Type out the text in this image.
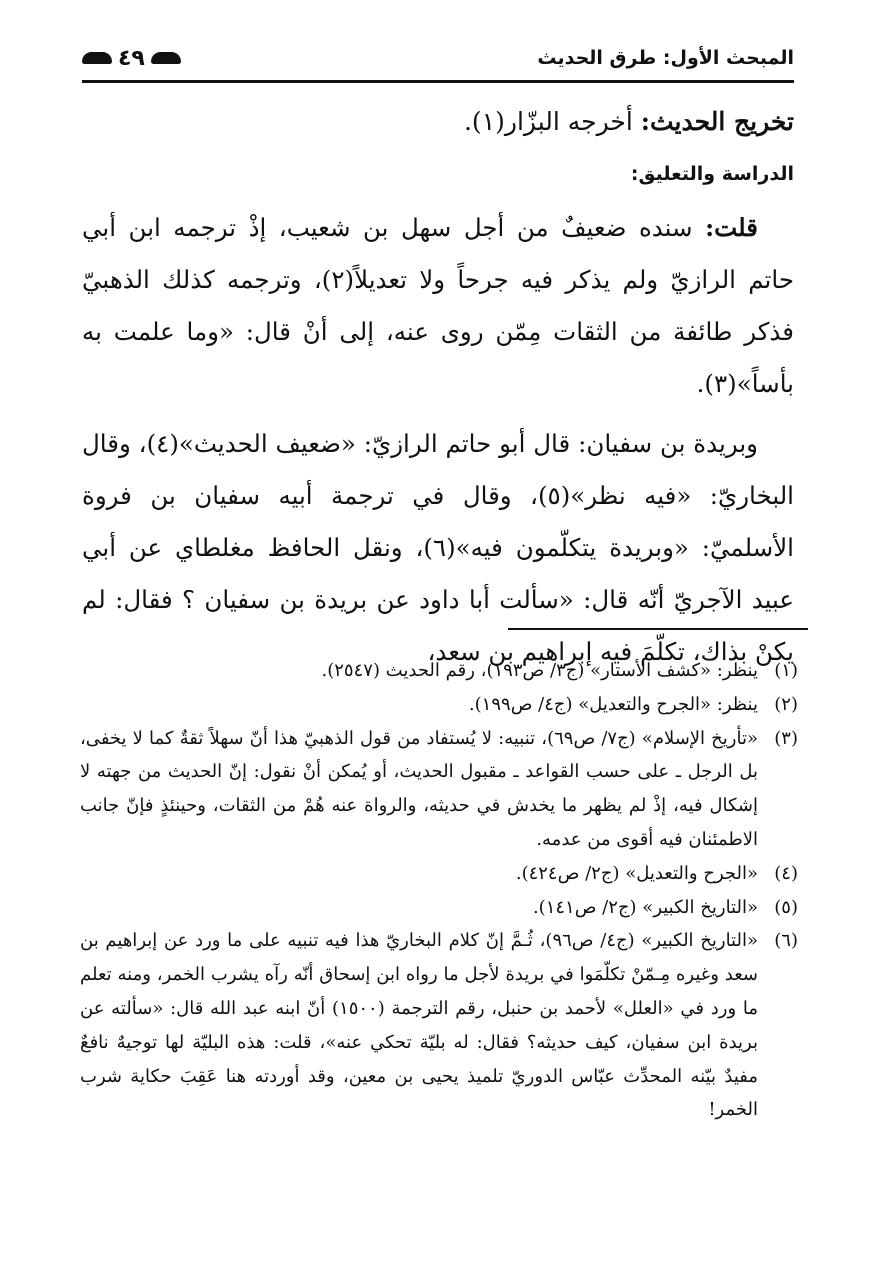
المبحث الأول: طرق الحديث
٤٩

تخريج الحديث: أخرجه البزّار(١).

الدراسة والتعليق:

قلت: سنده ضعيفٌ من أجل سهل بن شعيب، إذْ ترجمه ابن أبي حاتم الرازيّ ولم يذكر فيه جرحاً ولا تعديلاً(٢)، وترجمه كذلك الذهبيّ فذكر طائفة من الثقات مِمّن روى عنه، إلى أنْ قال: «وما علمت به بأساً»(٣).

وبريدة بن سفيان: قال أبو حاتم الرازيّ: «ضعيف الحديث»(٤)، وقال البخاريّ: «فيه نظر»(٥)، وقال في ترجمة أبيه سفيان بن فروة الأسلميّ: «وبريدة يتكلّمون فيه»(٦)، ونقل الحافظ مغلطاي عن أبي عبيد الآجريّ أنّه قال: «سألت أبا داود عن بريدة بن سفيان ؟ فقال: لم يكنْ بذاك، تكلّمَ فيه إبراهيم بن سعد،

(١)
ينظر: «كشف الأستار» (ج٣/ ص١٩٣)، رقم الحديث (٢٥٤٧).
(٢)
ينظر: «الجرح والتعديل» (ج٤/ ص١٩٩).
(٣)
«تأريخ الإسلام» (ج٧/ ص٦٩)، تنبيه: لا يُستفاد من قول الذهبيّ هذا أنّ سهلاً ثقةٌ كما لا يخفى، بل الرجل ـ على حسب القواعد ـ مقبول الحديث، أو يُمكن أنْ نقول: إنّ الحديث من جهته لا إشكال فيه، إذْ لم يظهر ما يخدش في حديثه، والرواة عنه هُمْ من الثقات، وحينئذٍ فإنّ جانب الاطمئنان فيه أقوى من عدمه.
(٤)
«الجرح والتعديل» (ج٢/ ص٤٢٤).
(٥)
«التاريخ الكبير» (ج٢/ ص١٤١).
(٦)
«التاريخ الكبير» (ج٤/ ص٩٦)، ثُـمَّ إنّ كلام البخاريّ هذا فيه تنبيه على ما ورد عن إبراهيم بن سعد وغيره مِـمّنْ تكلّمَوا في بريدة لأجل ما رواه ابن إسحاق أنّه رآه يشرب الخمر، ومنه تعلم ما ورد في «العلل» لأحمد بن حنبل، رقم الترجمة (١٥٠٠) أنّ ابنه عبد الله قال: «سألته عن بريدة ابن سفيان، كيف حديثه؟ فقال: له بليّة تحكي عنه»، قلت: هذه البليّة لها توجيهٌ نافعٌ مفيدٌ بيّنه المحدِّث عبّاس الدوريّ تلميذ يحيى بن معين، وقد أوردته هنا عَقِبَ حكاية شرب الخمر!
